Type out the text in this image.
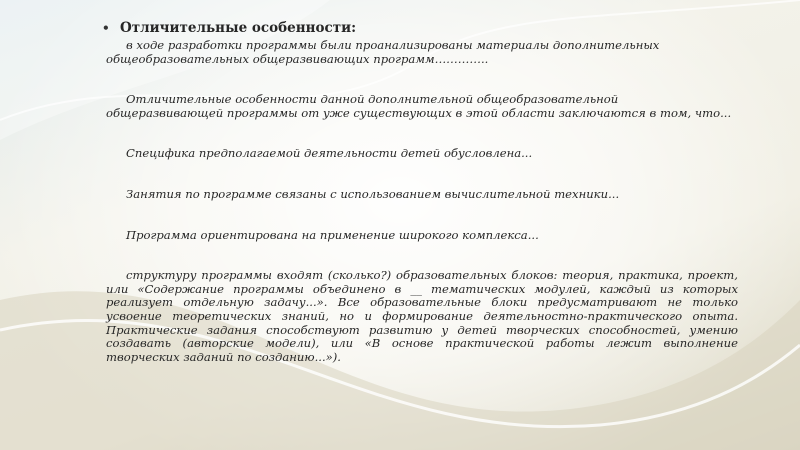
• Отличительные особенности:

в ходе разработки программы были проанализированы материалы дополнительных общеобразовательных общеразвивающих программ…………..

Отличительные особенности данной дополнительной общеобразовательной общеразвивающей программы от уже существующих в этой области заключаются в том, что...

Специфика предполагаемой деятельности детей обусловлена...

Занятия по программе связаны с использованием вычислительной техники...

Программа ориентирована на применение широкого комплекса...

структуру программы входят (сколько?) образовательных блоков: теория, практика, проект, или «Содержание программы объединено в __ тематических модулей, каждый из которых реализует отдельную задачу...». Все образовательные блоки предусматривают не только усвоение теоретических знаний, но и формирование деятельностно-практического опыта. Практические задания способствуют развитию у детей творческих способностей, умению создавать (авторские модели), или «В основе практической работы лежит выполнение творческих заданий по созданию...»).
